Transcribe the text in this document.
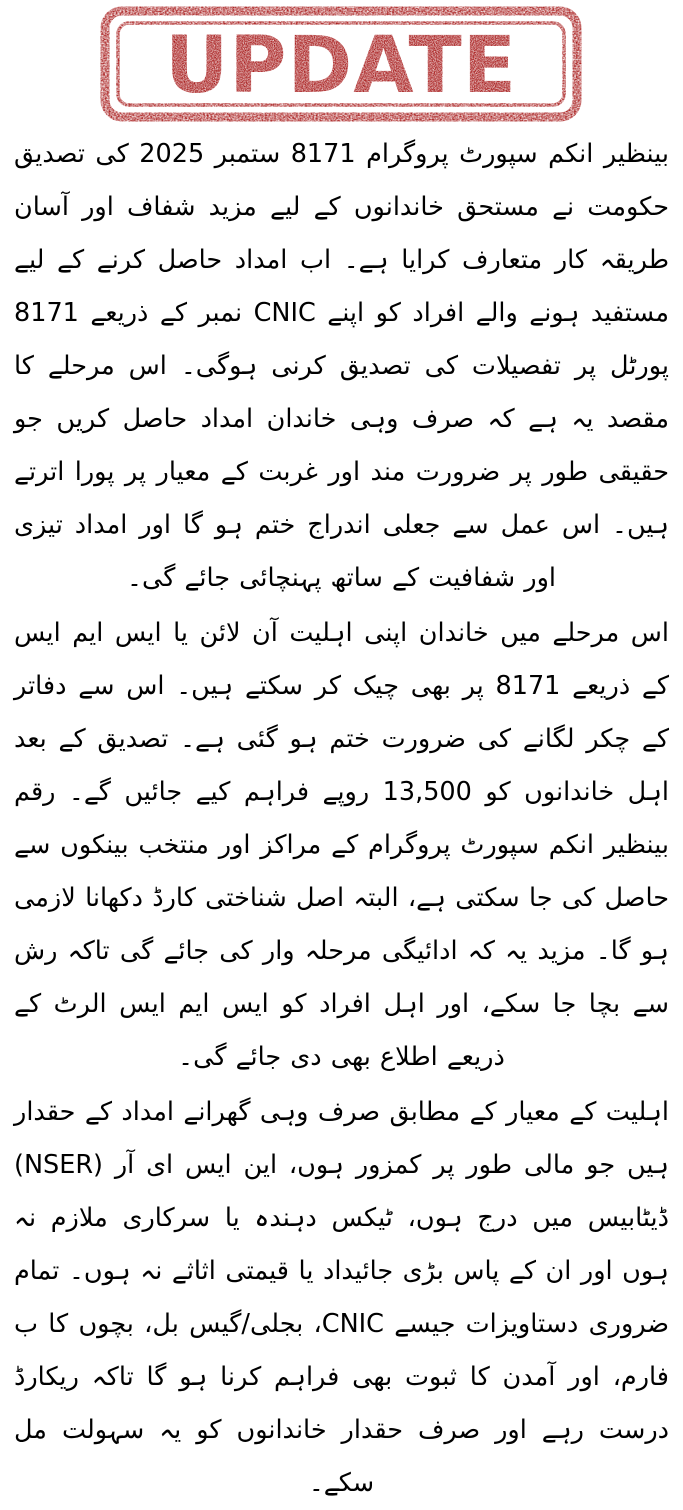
UPDATE

بینظیر انکم سپورٹ پروگرام 8171 ستمبر 2025 کی تصدیق حکومت نے مستحق خاندانوں کے لیے مزید شفاف اور آسان طریقہ کار متعارف کرایا ہے۔ اب امداد حاصل کرنے کے لیے مستفید ہونے والے افراد کو اپنے CNIC نمبر کے ذریعے 8171 پورٹل پر تفصیلات کی تصدیق کرنی ہوگی۔ اس مرحلے کا مقصد یہ ہے کہ صرف وہی خاندان امداد حاصل کریں جو حقیقی طور پر ضرورت مند اور غربت کے معیار پر پورا اترتے ہیں۔ اس عمل سے جعلی اندراج ختم ہو گا اور امداد تیزی اور شفافیت کے ساتھ پہنچائی جائے گی۔

اس مرحلے میں خاندان اپنی اہلیت آن لائن یا ایس ایم ایس کے ذریعے 8171 پر بھی چیک کر سکتے ہیں۔ اس سے دفاتر کے چکر لگانے کی ضرورت ختم ہو گئی ہے۔ تصدیق کے بعد اہل خاندانوں کو 13,500 روپے فراہم کیے جائیں گے۔ رقم بینظیر انکم سپورٹ پروگرام کے مراکز اور منتخب بینکوں سے حاصل کی جا سکتی ہے، البتہ اصل شناختی کارڈ دکھانا لازمی ہو گا۔ مزید یہ کہ ادائیگی مرحلہ وار کی جائے گی تاکہ رش سے بچا جا سکے، اور اہل افراد کو ایس ایم ایس الرٹ کے ذریعے اطلاع بھی دی جائے گی۔

اہلیت کے معیار کے مطابق صرف وہی گھرانے امداد کے حقدار ہیں جو مالی طور پر کمزور ہوں، این ایس ای آر (NSER) ڈیٹابیس میں درج ہوں، ٹیکس دہندہ یا سرکاری ملازم نہ ہوں اور ان کے پاس بڑی جائیداد یا قیمتی اثاثے نہ ہوں۔ تمام ضروری دستاویزات جیسے CNIC، بجلی/گیس بل، بچوں کا ب فارم، اور آمدن کا ثبوت بھی فراہم کرنا ہو گا تاکہ ریکارڈ درست رہے اور صرف حقدار خاندانوں کو یہ سہولت مل سکے۔
